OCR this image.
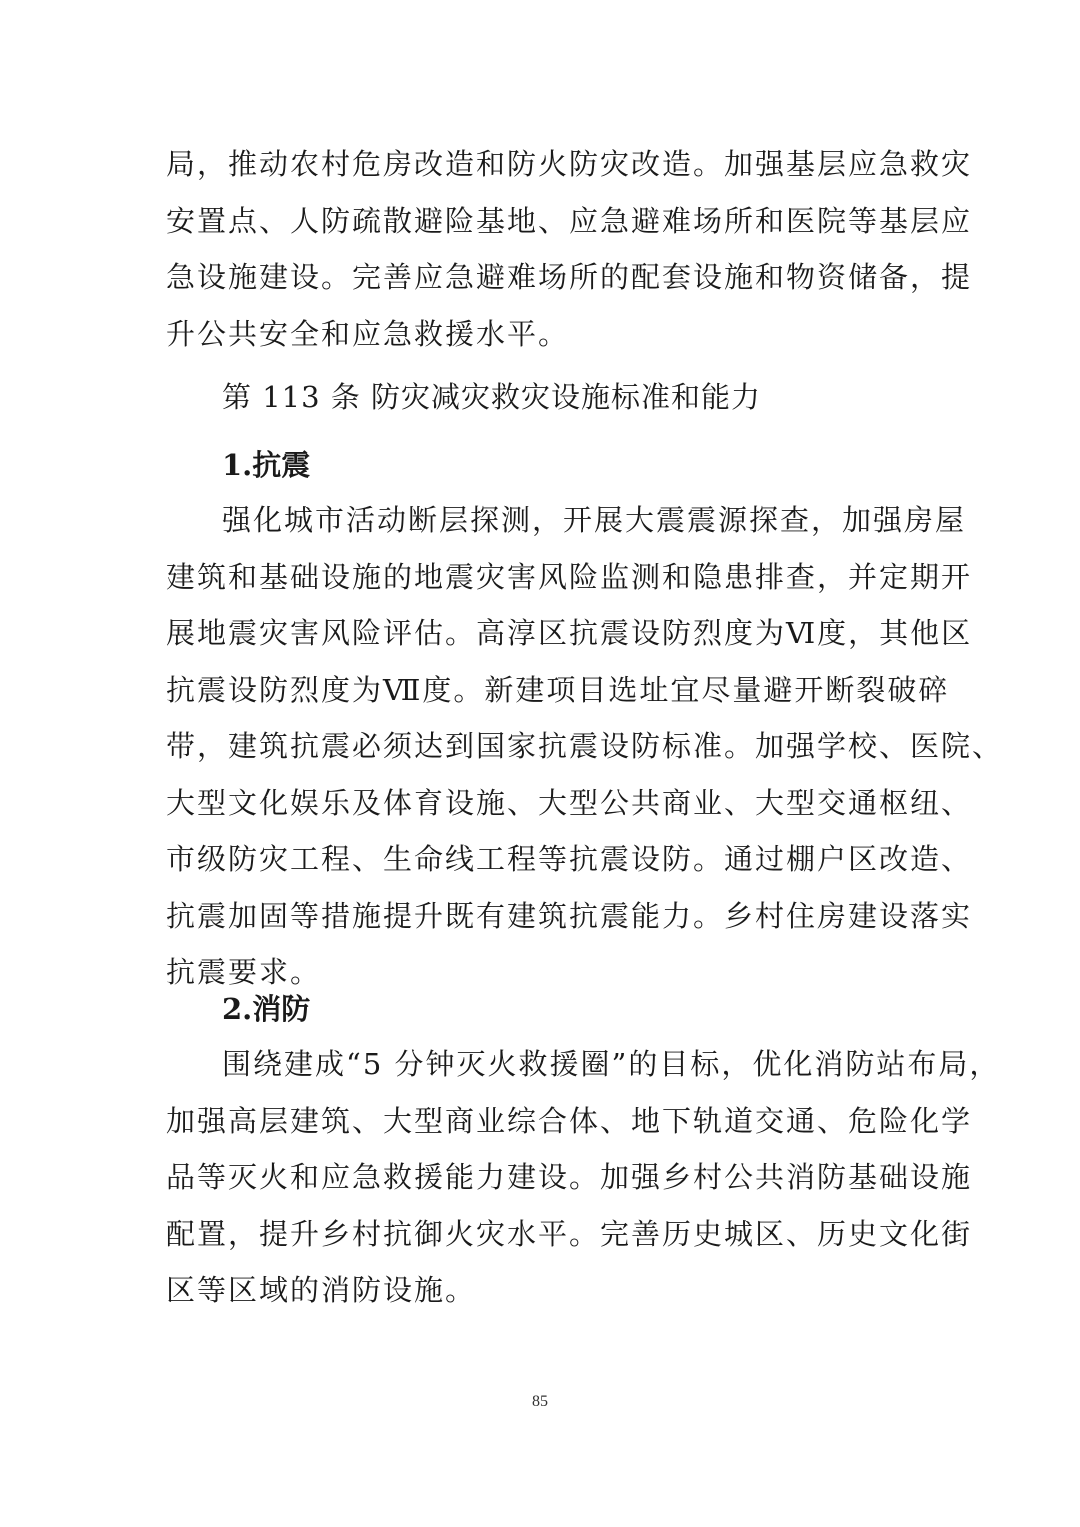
局，推动农村危房改造和防火防灾改造。加强基层应急救灾
安置点、人防疏散避险基地、应急避难场所和医院等基层应
急设施建设。完善应急避难场所的配套设施和物资储备，提
升公共安全和应急救援水平。
第 113 条 防灾减灾救灾设施标准和能力
1.抗震
强化城市活动断层探测，开展大震震源探查，加强房屋
建筑和基础设施的地震灾害风险监测和隐患排查，并定期开
展地震灾害风险评估。高淳区抗震设防烈度为Ⅵ度，其他区
抗震设防烈度为Ⅶ度。新建项目选址宜尽量避开断裂破碎
带，建筑抗震必须达到国家抗震设防标准。加强学校、医院、
大型文化娱乐及体育设施、大型公共商业、大型交通枢纽、
市级防灾工程、生命线工程等抗震设防。通过棚户区改造、
抗震加固等措施提升既有建筑抗震能力。乡村住房建设落实
抗震要求。
2.消防
围绕建成“5 分钟灭火救援圈”的目标，优化消防站布局，
加强高层建筑、大型商业综合体、地下轨道交通、危险化学
品等灭火和应急救援能力建设。加强乡村公共消防基础设施
配置，提升乡村抗御火灾水平。完善历史城区、历史文化街
区等区域的消防设施。
85
